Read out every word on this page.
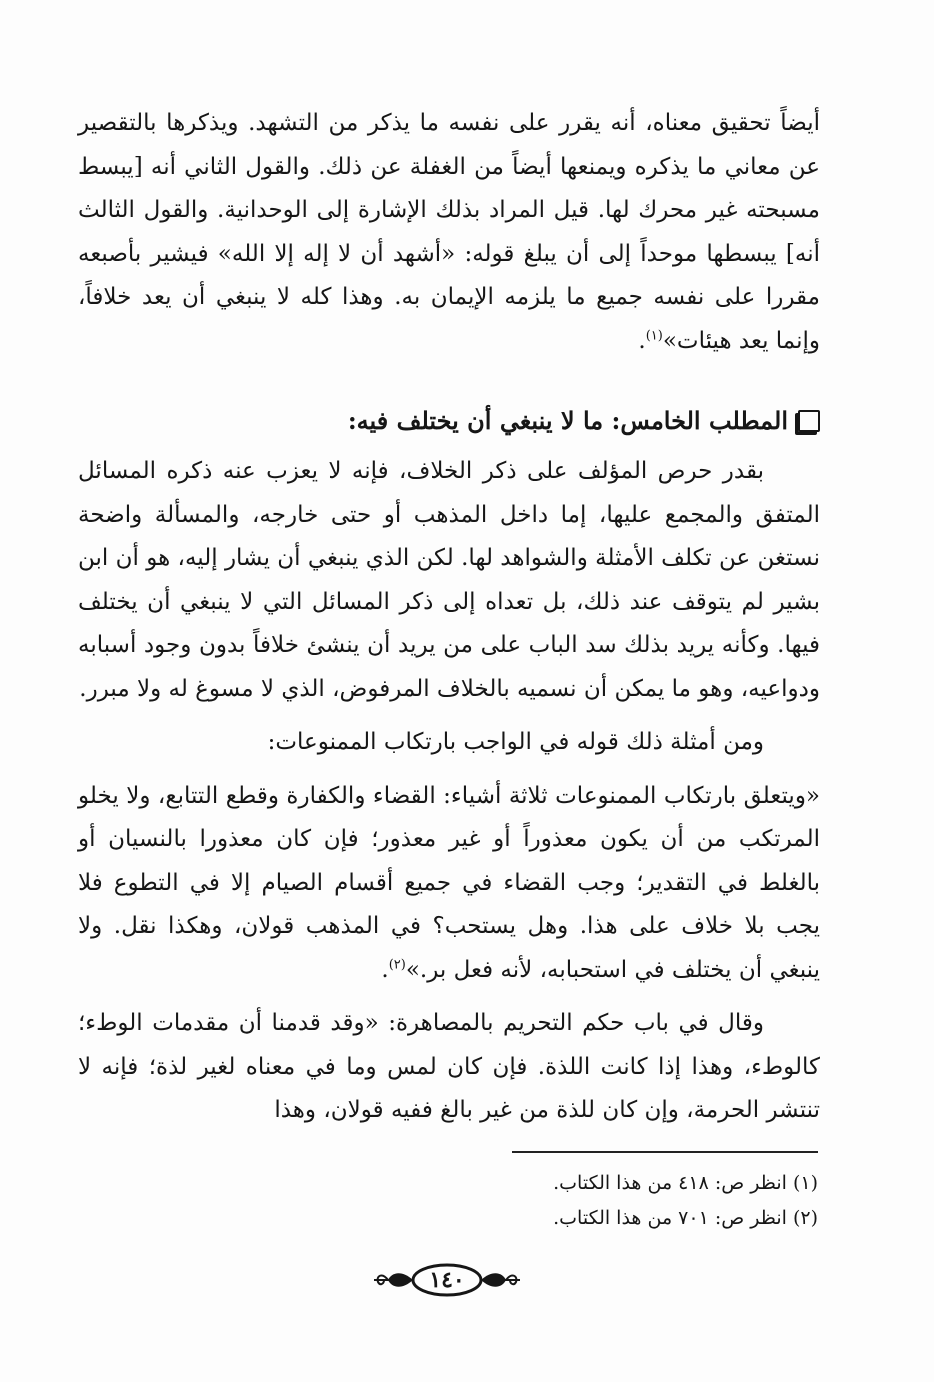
أيضاً تحقيق معناه، أنه يقرر على نفسه ما يذكر من التشهد. ويذكرها بالتقصير عن معاني ما يذكره ويمنعها أيضاً من الغفلة عن ذلك. والقول الثاني أنه [يبسط مسبحته غير محرك لها. قيل المراد بذلك الإشارة إلى الوحدانية. والقول الثالث أنه] يبسطها موحداً إلى أن يبلغ قوله: «أشهد أن لا إله إلا الله» فيشير بأصبعه مقررا على نفسه جميع ما يلزمه الإيمان به. وهذا كله لا ينبغي أن يعد خلافاً، وإنما يعد هيئات»$^{(١)}$.

المطلب الخامس: ما لا ينبغي أن يختلف فيه:

بقدر حرص المؤلف على ذكر الخلاف، فإنه لا يعزب عنه ذكره المسائل المتفق والمجمع عليها، إما داخل المذهب أو حتى خارجه، والمسألة واضحة نستغن عن تكلف الأمثلة والشواهد لها. لكن الذي ينبغي أن يشار إليه، هو أن ابن بشير لم يتوقف عند ذلك، بل تعداه إلى ذكر المسائل التي لا ينبغي أن يختلف فيها. وكأنه يريد بذلك سد الباب على من يريد أن ينشئ خلافاً بدون وجود أسبابه ودواعيه، وهو ما يمكن أن نسميه بالخلاف المرفوض، الذي لا مسوغ له ولا مبرر.

ومن أمثلة ذلك قوله في الواجب بارتكاب الممنوعات:

«ويتعلق بارتكاب الممنوعات ثلاثة أشياء: القضاء والكفارة وقطع التتابع، ولا يخلو المرتكب من أن يكون معذوراً أو غير معذور؛ فإن كان معذورا بالنسيان أو بالغلط في التقدير؛ وجب القضاء في جميع أقسام الصيام إلا في التطوع فلا يجب بلا خلاف على هذا. وهل يستحب؟ في المذهب قولان، وهكذا نقل. ولا ينبغي أن يختلف في استحبابه، لأنه فعل بر.»$^{(٢)}$.

وقال في باب حكم التحريم بالمصاهرة: «وقد قدمنا أن مقدمات الوطء؛ كالوطء، وهذا إذا كانت اللذة. فإن كان لمس وما في معناه لغير لذة؛ فإنه لا تنتشر الحرمة، وإن كان للذة من غير بالغ ففيه قولان، وهذا

(١) انظر ص: ٤١٨ من هذا الكتاب.

(٢) انظر ص: ٧٠١ من هذا الكتاب.

١٤٠
